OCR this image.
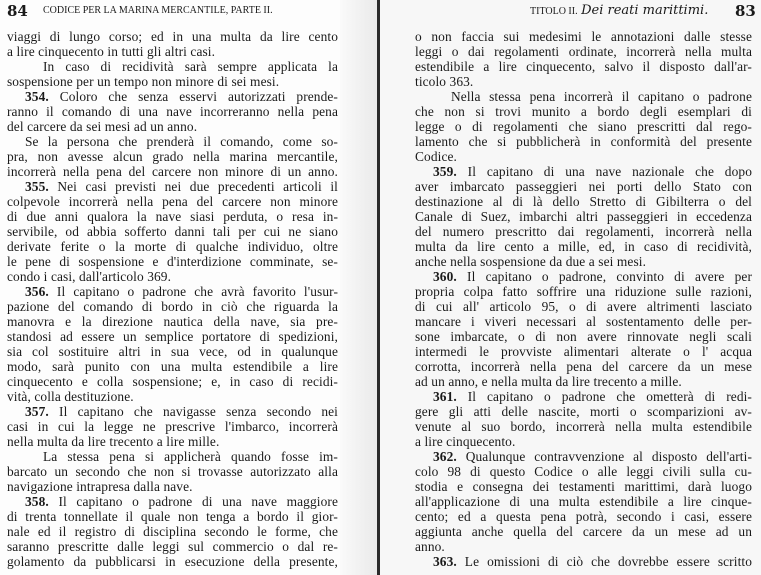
84 CODICE PER LA MARINA MERCANTILE, PARTE II.
viaggi di lungo corso; ed in una multa da lire cento
a lire cinquecento in tutti gli altri casi.
In caso di recidività sarà sempre applicata la
sospensione per un tempo non minore di sei mesi.
354. Coloro che senza esservi autorizzati prende-
ranno il comando di una nave incorreranno nella pena
del carcere da sei mesi ad un anno.
Se la persona che prenderà il comando, come so-
pra, non avesse alcun grado nella marina mercantile,
incorrerà nella pena del carcere non minore di un anno.
355. Nei casi previsti nei due precedenti articoli il
colpevole incorrerà nella pena del carcere non minore
di due anni qualora la nave siasi perduta, o resa in-
servibile, od abbia sofferto danni tali per cui ne siano
derivate ferite o la morte di qualche individuo, oltre
le pene di sospensione e d'interdizione comminate, se-
condo i casi, dall'articolo 369.
356. Il capitano o padrone che avrà favorito l'usur-
pazione del comando di bordo in ciò che riguarda la
manovra e la direzione nautica della nave, sia pre-
standosi ad essere un semplice portatore di spedizioni,
sia col sostituire altri in sua vece, od in qualunque
modo, sarà punito con una multa estendibile a lire
cinquecento e colla sospensione; e, in caso di recidi-
vità, colla destituzione.
357. Il capitano che navigasse senza secondo nei
casi in cui la legge ne prescrive l'imbarco, incorrerà
nella multa da lire trecento a lire mille.
La stessa pena si applicherà quando fosse im-
barcato un secondo che non si trovasse autorizzato alla
navigazione intrapresa dalla nave.
358. Il capitano o padrone di una nave maggiore
di trenta tonnellate il quale non tenga a bordo il gior-
nale ed il registro di disciplina secondo le forme, che
saranno prescritte dalle leggi sul commercio o dal re-
golamento da pubblicarsi in esecuzione della presente,
TITOLO II. Dei reati marittimi. 83
o non faccia sui medesimi le annotazioni dalle stesse
leggi o dai regolamenti ordinate, incorrerà nella multa
estendibile a lire cinquecento, salvo il disposto dall'ar-
ticolo 363.
Nella stessa pena incorrerà il capitano o padrone
che non si trovi munito a bordo degli esemplari di
legge o di regolamenti che siano prescritti dal rego-
lamento che si pubblicherà in conformità del presente
Codice.
359. Il capitano di una nave nazionale che dopo
aver imbarcato passeggieri nei porti dello Stato con
destinazione al di là dello Stretto di Gibilterra o del
Canale di Suez, imbarchi altri passeggieri in eccedenza
del numero prescritto dai regolamenti, incorrerà nella
multa da lire cento a mille, ed, in caso di recidività,
anche nella sospensione da due a sei mesi.
360. Il capitano o padrone, convinto di avere per
propria colpa fatto soffrire una riduzione sulle razioni,
di cui all' articolo 95, o di avere altrimenti lasciato
mancare i viveri necessari al sostentamento delle per-
sone imbarcate, o di non avere rinnovate negli scali
intermedi le provviste alimentari alterate o l' acqua
corrotta, incorrerà nella pena del carcere da un mese
ad un anno, e nella multa da lire trecento a mille.
361. Il capitano o padrone che ometterà di redi-
gere gli atti delle nascite, morti o scomparizioni av-
venute al suo bordo, incorrerà nella multa estendibile
a lire cinquecento.
362. Qualunque contravvenzione al disposto dell'arti-
colo 98 di questo Codice o alle leggi civili sulla cu-
stodia e consegna dei testamenti marittimi, darà luogo
all'applicazione di una multa estendibile a lire cinque-
cento; ed a questa pena potrà, secondo i casi, essere
aggiunta anche quella del carcere da un mese ad un
anno.
363. Le omissioni di ciò che dovrebbe essere scritto
